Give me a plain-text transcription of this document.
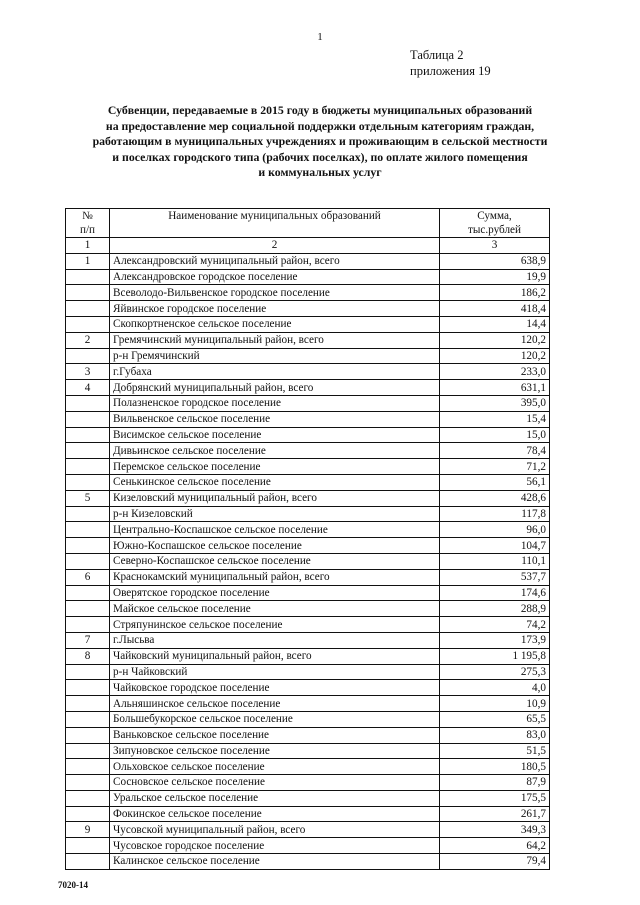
1
Таблица 2
приложения 19
Субвенции, передаваемые в 2015 году в бюджеты муниципальных образований
на предоставление мер социальной поддержки отдельным категориям граждан,
работающим в муниципальных учреждениях и проживающим в сельской местности
и поселках городского типа (рабочих поселках), по оплате жилого помещения
и коммунальных услуг
№
п/п	Наименование муниципальных образований	Сумма,
тыс.рублей
1	2	3
1	Александровский муниципальный район, всего	638,9
	Александровское городское поселение	19,9
	Всеволодо-Вильвенское городское поселение	186,2
	Яйвинское городское поселение	418,4
	Скопкортненское сельское поселение	14,4
2	Гремячинский муниципальный район, всего	120,2
	р-н Гремячинский	120,2
3	г.Губаха	233,0
4	Добрянский муниципальный район, всего	631,1
	Полазненское городское поселение	395,0
	Вильвенское сельское поселение	15,4
	Висимское сельское поселение	15,0
	Дивьинское сельское поселение	78,4
	Перемское сельское поселение	71,2
	Сенькинское сельское поселение	56,1
5	Кизеловский муниципальный район, всего	428,6
	р-н Кизеловский	117,8
	Центрально-Коспашское сельское поселение	96,0
	Южно-Коспашское сельское поселение	104,7
	Северно-Коспашское сельское поселение	110,1
6	Краснокамский муниципальный район, всего	537,7
	Оверятское городское поселение	174,6
	Майское сельское поселение	288,9
	Стряпунинское сельское поселение	74,2
7	г.Лысьва	173,9
8	Чайковский муниципальный район, всего	1 195,8
	р-н Чайковский	275,3
	Чайковское городское поселение	4,0
	Альняшинское сельское поселение	10,9
	Большебукорское сельское поселение	65,5
	Ваньковское сельское поселение	83,0
	Зипуновское сельское поселение	51,5
	Ольховское сельское поселение	180,5
	Сосновское сельское поселение	87,9
	Уральское сельское поселение	175,5
	Фокинское сельское поселение	261,7
9	Чусовской муниципальный район, всего	349,3
	Чусовское городское поселение	64,2
	Калинское сельское поселение	79,4
7020-14
